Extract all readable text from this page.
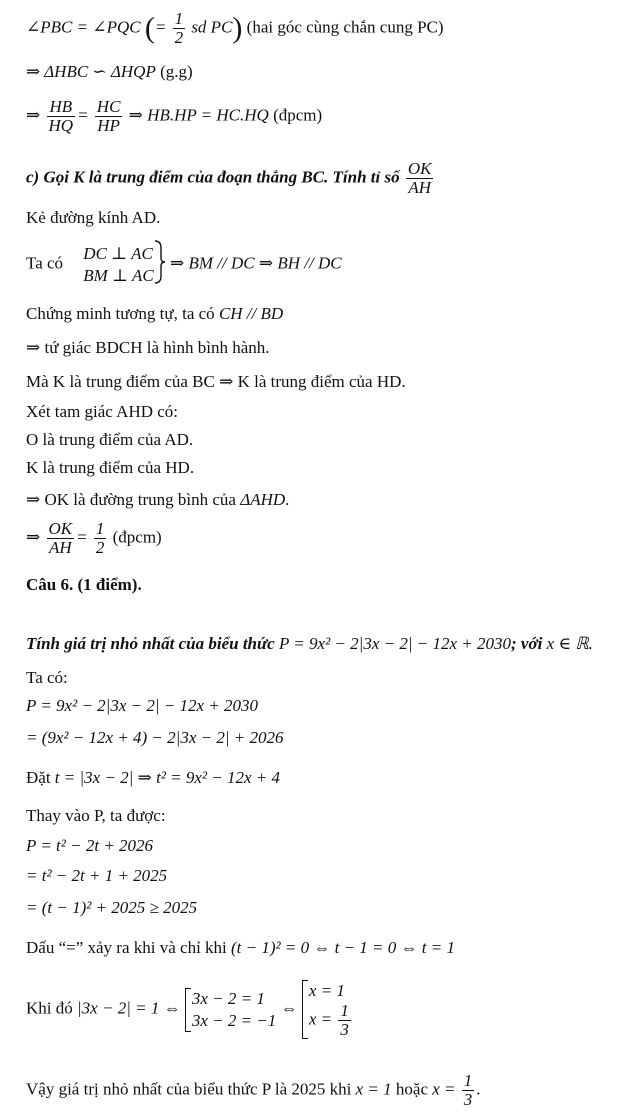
∠PBC = ∠PQC (= $\frac{1}{2}$ sd PC) (hai góc cùng chắn cung PC)
⇒ ΔHBC ∽ ΔHQP (g.g)
⇒ $\frac{HB}{HQ} = \frac{HC}{HP}$ ⇒ HB.HP = HC.HQ (đpcm)
c) Gọi K là trung điểm của đoạn thẳng BC. Tính tỉ số $\frac{OK}{AH}$
Kẻ đường kính AD.
Ta có
DC ⊥ AC
BM ⊥ AC
⇒ BM // DC ⇒ BH // DC
Chứng minh tương tự, ta có CH // BD
⇒ tứ giác BDCH là hình bình hành.
Mà K là trung điểm của BC ⇒ K là trung điểm của HD.
Xét tam giác AHD có:
O là trung điểm của AD.
K là trung điểm của HD.
⇒ OK là đường trung bình của ΔAHD.
⇒ $\frac{OK}{AH} = \frac{1}{2}$ (đpcm)
Câu 6. (1 điểm).
Tính giá trị nhỏ nhất của biểu thức P = 9x² − 2|3x − 2| − 12x + 2030; với x ∈ ℝ.
Ta có:
P = 9x² − 2|3x − 2| − 12x + 2030
= (9x² − 12x + 4) − 2|3x − 2| + 2026
Đặt t = |3x − 2| ⇒ t² = 9x² − 12x + 4
Thay vào P, ta được:
P = t² − 2t + 2026
= t² − 2t + 1 + 2025
= (t − 1)² + 2025 ≥ 2025
Dấu “=” xảy ra khi và chỉ khi (t − 1)² = 0 ⇔ t − 1 = 0 ⇔ t = 1
Khi đó |3x − 2| = 1 ⇔
3x − 2 = 1
3x − 2 = −1
⇔
x = 1
$x = \frac{1}{3}$
Vậy giá trị nhỏ nhất của biểu thức P là 2025 khi x = 1 hoặc $x = \frac{1}{3}$ .
